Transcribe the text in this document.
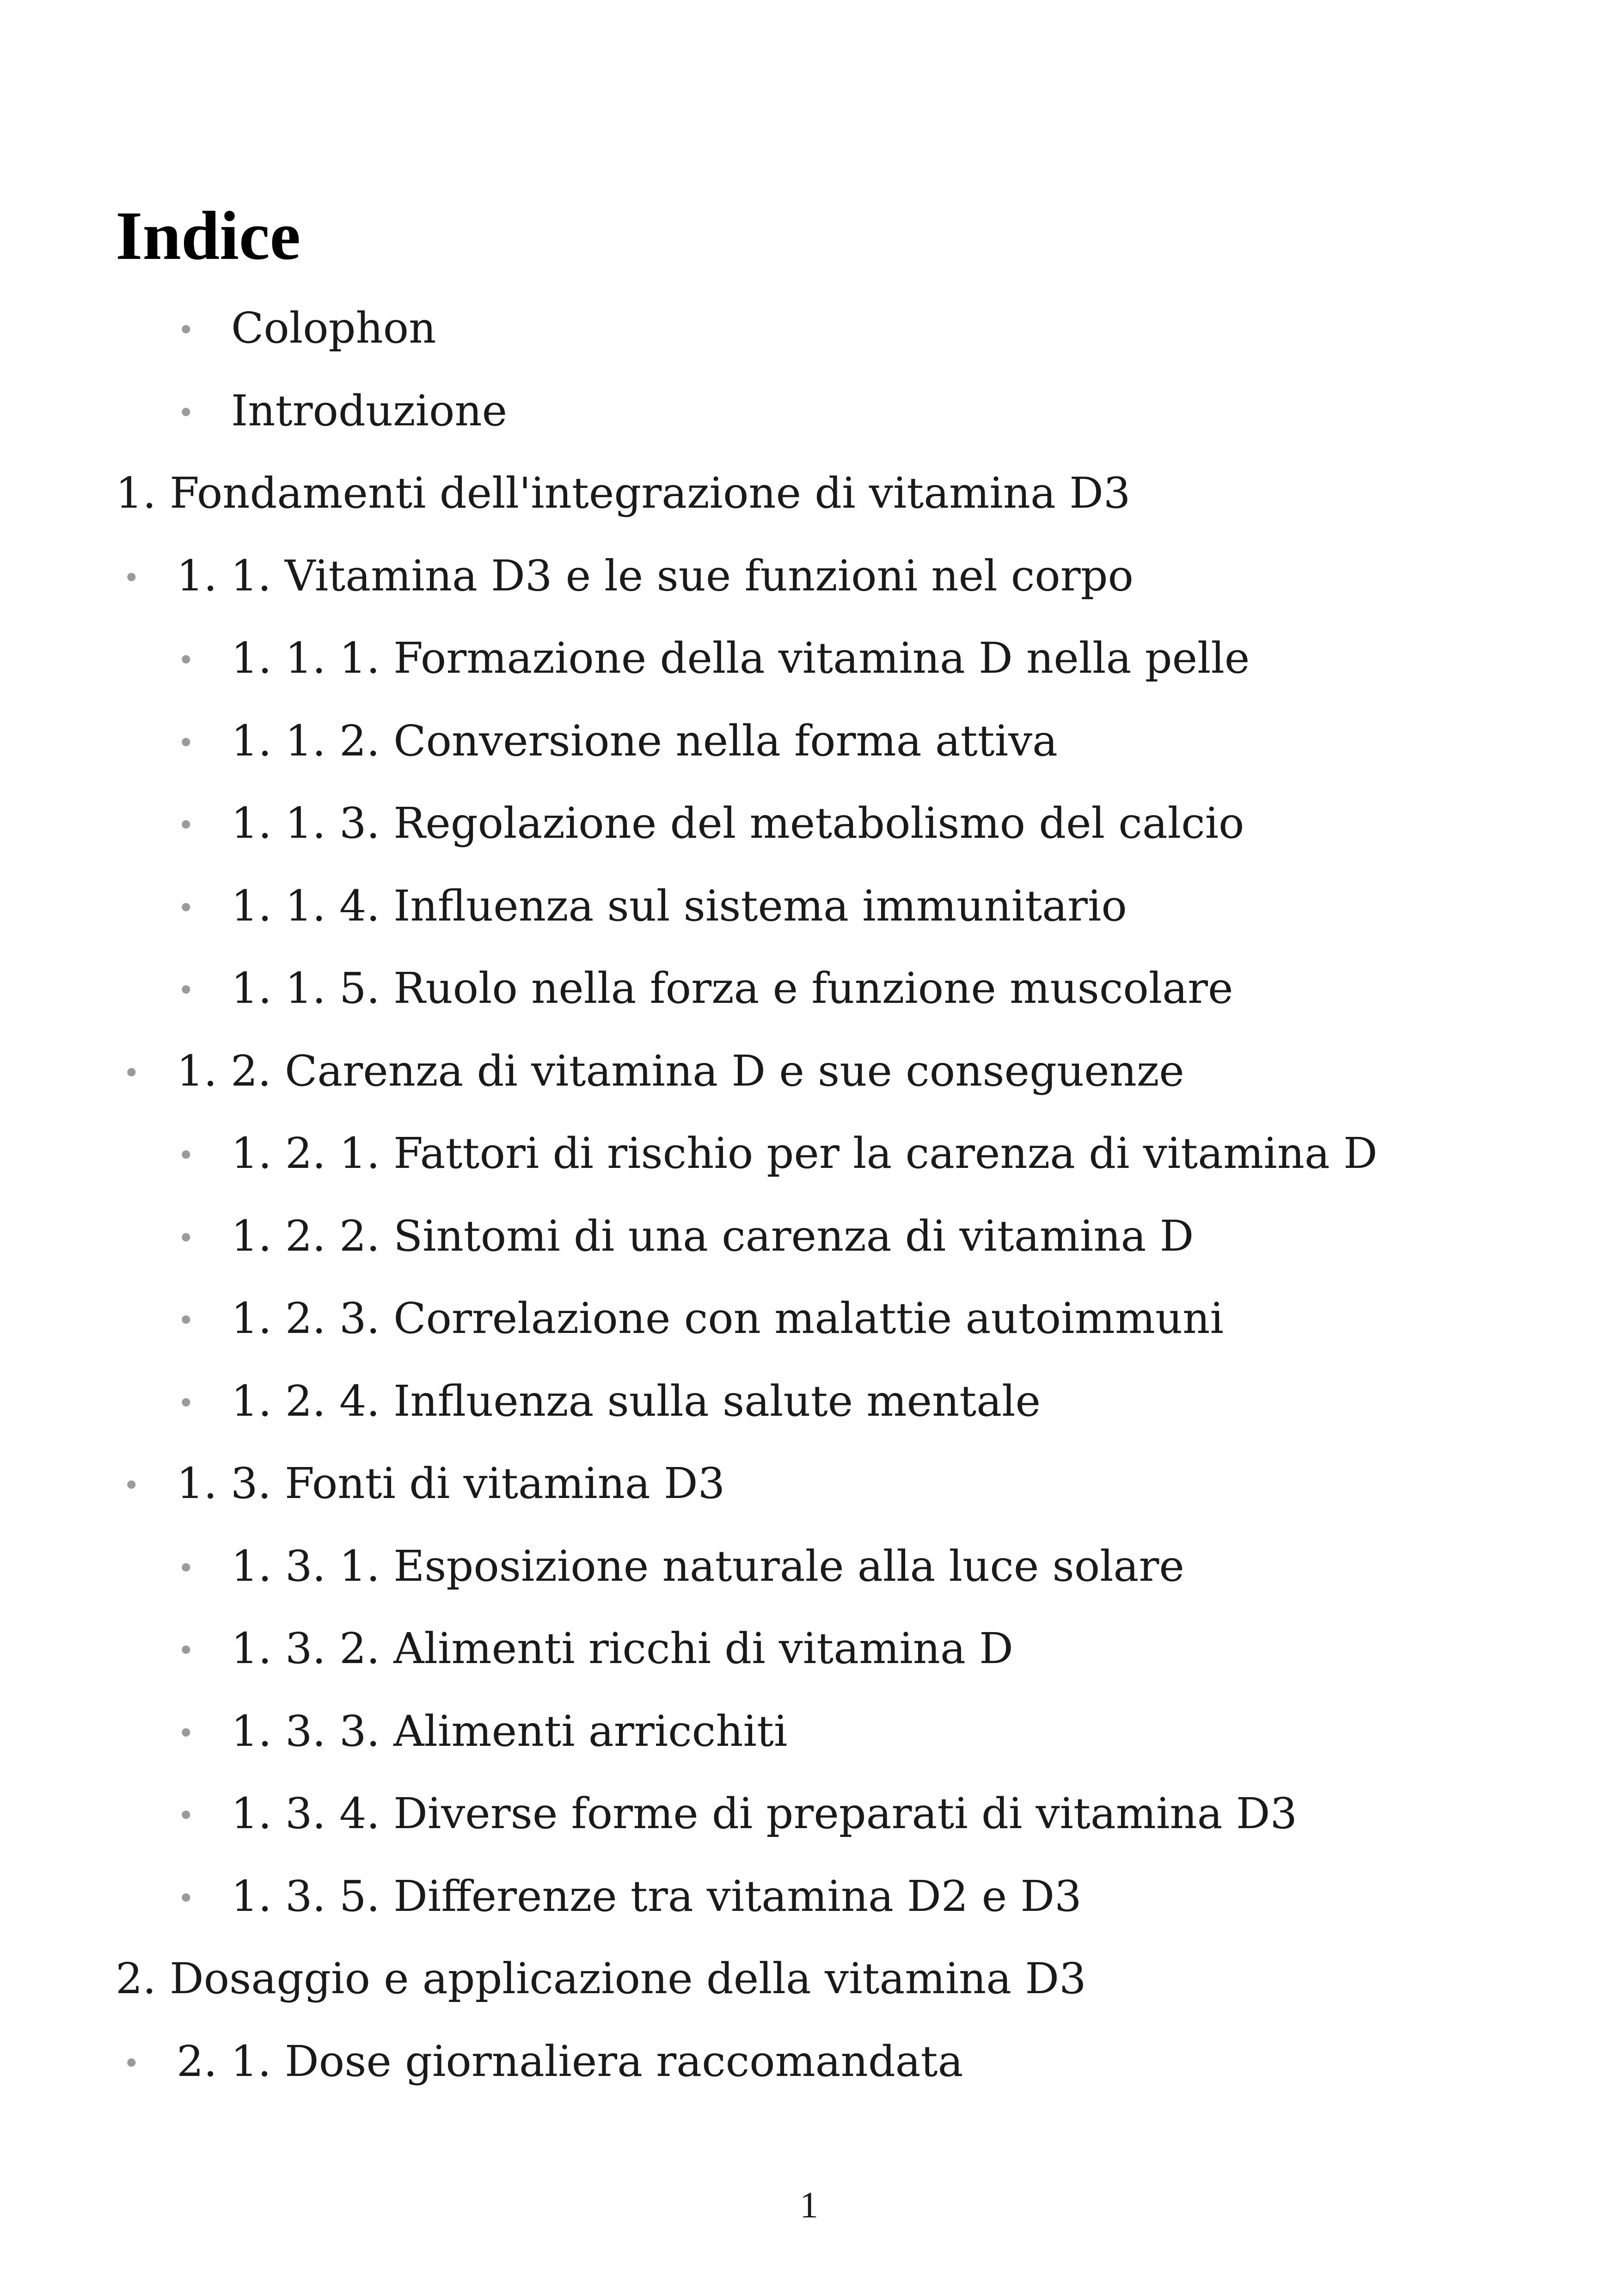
Indice
• Colophon
• Introduzione
1. Fondamenti dell'integrazione di vitamina D3
• 1. 1. Vitamina D3 e le sue funzioni nel corpo
• 1. 1. 1. Formazione della vitamina D nella pelle
• 1. 1. 2. Conversione nella forma attiva
• 1. 1. 3. Regolazione del metabolismo del calcio
• 1. 1. 4. Influenza sul sistema immunitario
• 1. 1. 5. Ruolo nella forza e funzione muscolare
• 1. 2. Carenza di vitamina D e sue conseguenze
• 1. 2. 1. Fattori di rischio per la carenza di vitamina D
• 1. 2. 2. Sintomi di una carenza di vitamina D
• 1. 2. 3. Correlazione con malattie autoimmuni
• 1. 2. 4. Influenza sulla salute mentale
• 1. 3. Fonti di vitamina D3
• 1. 3. 1. Esposizione naturale alla luce solare
• 1. 3. 2. Alimenti ricchi di vitamina D
• 1. 3. 3. Alimenti arricchiti
• 1. 3. 4. Diverse forme di preparati di vitamina D3
• 1. 3. 5. Differenze tra vitamina D2 e D3
2. Dosaggio e applicazione della vitamina D3
• 2. 1. Dose giornaliera raccomandata
1
